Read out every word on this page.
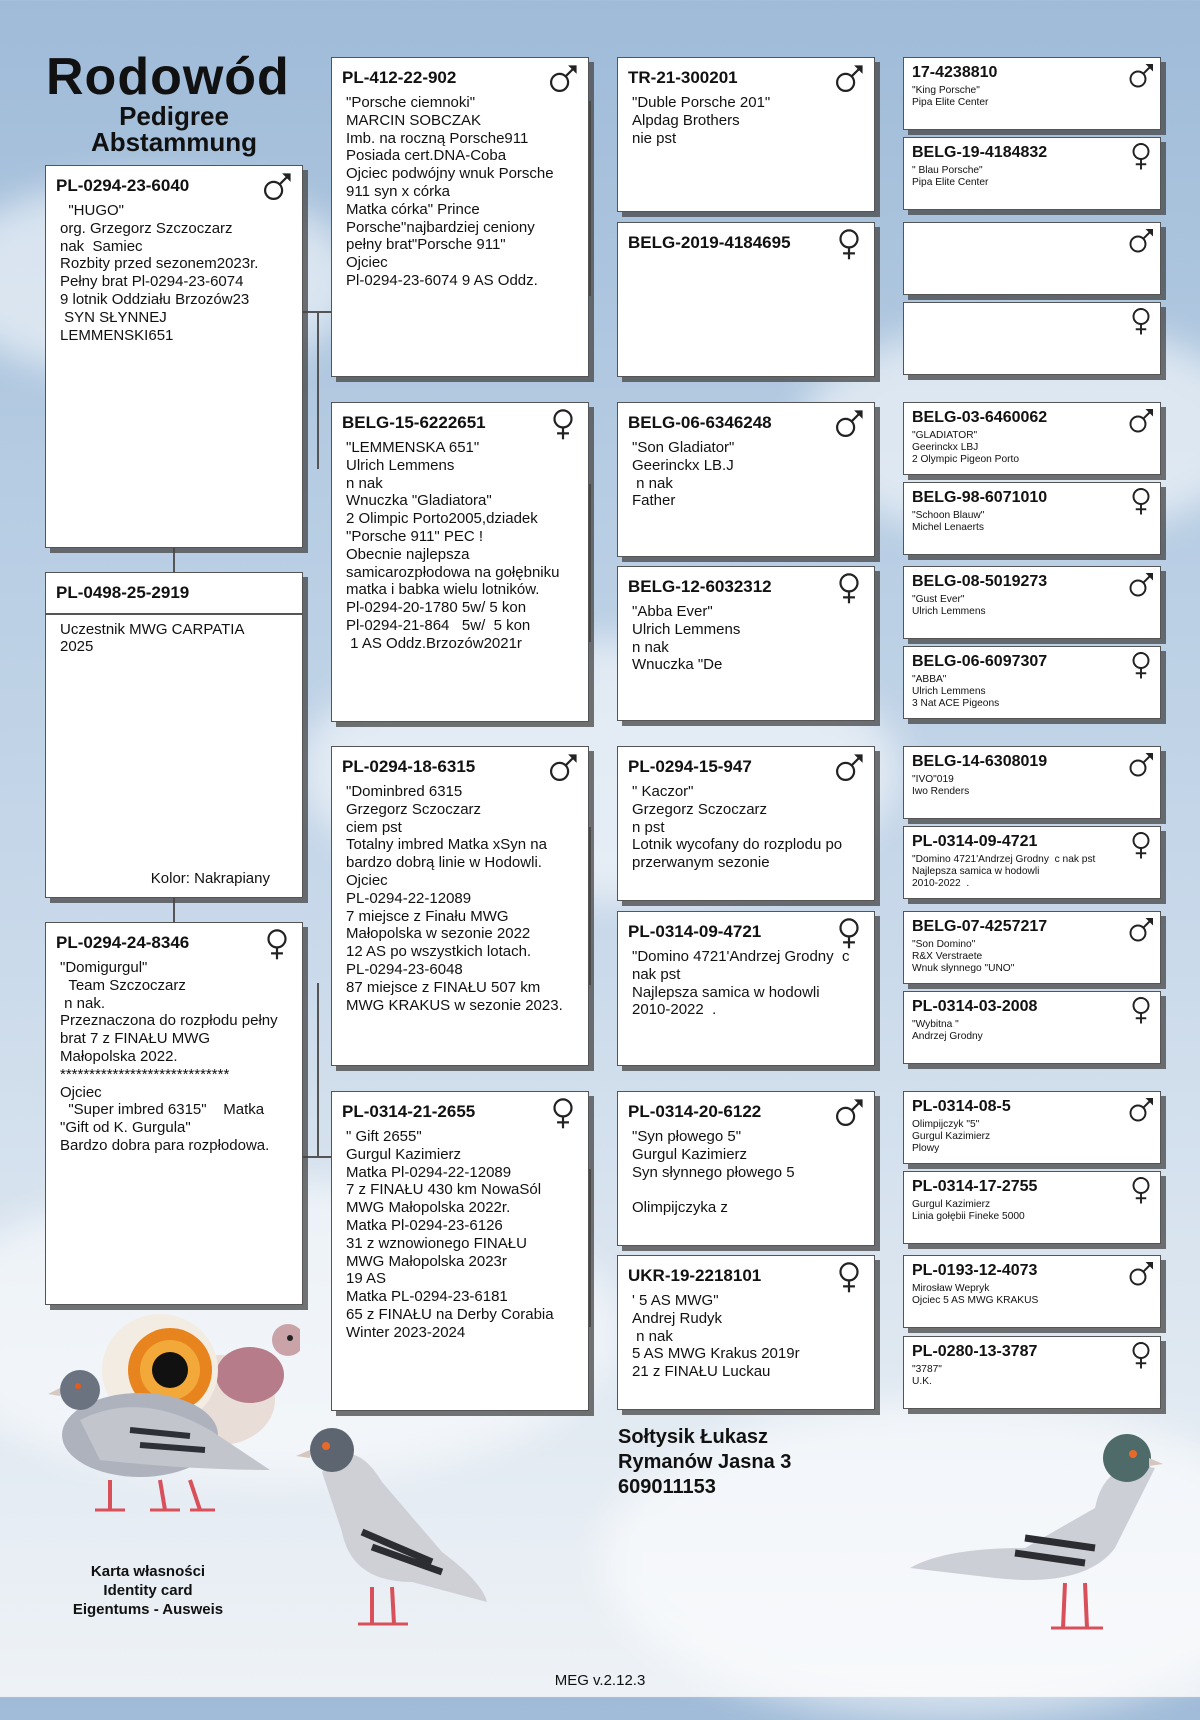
Rodowód
Pedigree
Abstammung
PL-0294-23-6040
"HUGO"
org. Grzegorz Szczoczarz
nak  Samiec
Rozbity przed sezonem2023r.
Pełny brat Pl-0294-23-6074
9 lotnik Oddziału Brzozów23
SYN SŁYNNEJ
LEMMENSKI651
PL-0498-25-2919
Uczestnik MWG CARPATIA
2025
Kolor: Nakrapiany
PL-0294-24-8346
"Domigurgul"
Team Szczoczarz
n nak.
Przeznaczona do rozpłodu pełny
brat 7 z FINAŁU MWG
Małopolska 2022.
*****************************
Ojciec
"Super imbred 6315"    Matka
"Gift od K. Gurgula"
Bardzo dobra para rozpłodowa.
PL-412-22-902
"Porsche ciemnoki"
MARCIN SOBCZAK
Imb. na roczną Porsche911
Posiada cert.DNA-Coba
Ojciec podwójny wnuk Porsche
911 syn x córka
Matka córka" Prince
Porsche"najbardziej ceniony
pełny brat"Porsche 911"
Ojciec
Pl-0294-23-6074 9 AS Oddz.
BELG-15-6222651
"LEMMENSKA 651"
Ulrich Lemmens
n nak
Wnuczka "Gladiatora"
2 Olimpic Porto2005,dziadek
"Porsche 911" PEC !
Obecnie najlepsza
samicarozpłodowa na gołębniku
matka i babka wielu lotników.
Pl-0294-20-1780 5w/ 5 kon
Pl-0294-21-864   5w/  5 kon
1 AS Oddz.Brzozów2021r
PL-0294-18-6315
"Dominbred 6315
Grzegorz Sczoczarz
ciem pst
Totalny imbred Matka xSyn na
bardzo dobrą linie w Hodowli.
Ojciec
PL-0294-22-12089
7 miejsce z Finału MWG
Małopolska w sezonie 2022
12 AS po wszystkich lotach.
PL-0294-23-6048
87 miejsce z FINAŁU 507 km
MWG KRAKUS w sezonie 2023.
PL-0314-21-2655
" Gift 2655"
Gurgul Kazimierz
Matka Pl-0294-22-12089
7 z FINAŁU 430 km NowaSól
MWG Małopolska 2022r.
Matka Pl-0294-23-6126
31 z wznowionego FINAŁU
MWG Małopolska 2023r
19 AS
Matka PL-0294-23-6181
65 z FINAŁU na Derby Corabia
Winter 2023-2024
TR-21-300201
"Duble Porsche 201"
Alpdag Brothers
nie pst
BELG-2019-4184695
BELG-06-6346248
"Son Gladiator"
Geerinckx LB.J
n nak
Father
BELG-12-6032312
"Abba Ever"
Ulrich Lemmens
n nak
Wnuczka "De
PL-0294-15-947
" Kaczor"
Grzegorz Sczoczarz
n pst
Lotnik wycofany do rozplodu po
przerwanym sezonie
PL-0314-09-4721
"Domino 4721'Andrzej Grodny  c
nak pst
Najlepsza samica w hodowli
2010-2022  .
PL-0314-20-6122
"Syn płowego 5"
Gurgul Kazimierz
Syn słynnego płowego 5

Olimpijczyka z
UKR-19-2218101
' 5 AS MWG"
Andrej Rudyk
n nak
5 AS MWG Krakus 2019r
21 z FINAŁU Luckau
17-4238810
"King Porsche"
Pipa Elite Center
BELG-19-4184832
" Blau Porsche"
Pipa Elite Center
BELG-03-6460062
"GLADIATOR"
Geerinckx LBJ
2 Olympic Pigeon Porto
BELG-98-6071010
"Schoon Blauw"
Michel Lenaerts
BELG-08-5019273
"Gust Ever"
Ulrich Lemmens
BELG-06-6097307
"ABBA"
Ulrich Lemmens
3 Nat ACE Pigeons
BELG-14-6308019
"IVO"019
Iwo Renders
PL-0314-09-4721
"Domino 4721'Andrzej Grodny  c nak pst
Najlepsza samica w hodowli
2010-2022  .
BELG-07-4257217
"Son Domino"
R&X Verstraete
Wnuk słynnego "UNO"
PL-0314-03-2008
"Wybitna "
Andrzej Grodny
PL-0314-08-5
Olimpijczyk "5"
Gurgul Kazimierz
Plowy
PL-0314-17-2755
Gurgul Kazimierz
Linia gołębii Fineke 5000
PL-0193-12-4073
Mirosław Wepryk
Ojciec 5 AS MWG KRAKUS
PL-0280-13-3787
"3787"
U.K.
Sołtysik Łukasz
Rymanów Jasna 3
609011153
Karta własności
Identity card
Eigentums - Ausweis
MEG v.2.12.3
